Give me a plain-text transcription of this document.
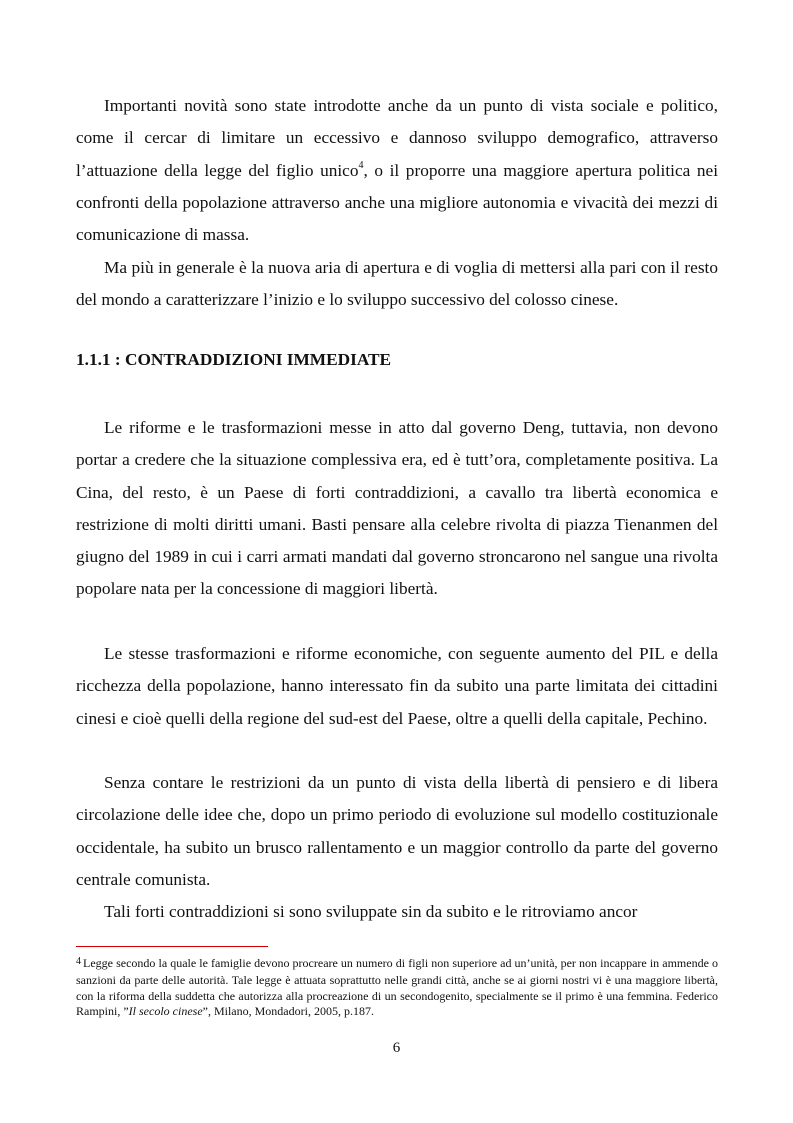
Importanti novità sono state introdotte anche da un punto di vista sociale e politico, come il cercar di limitare un eccessivo e dannoso sviluppo demografico, attraverso l’attuazione della legge del figlio unico$^4$, o il proporre una maggiore apertura politica nei confronti della popolazione attraverso anche una migliore autonomia e vivacità dei mezzi di comunicazione di massa.

Ma più in generale è la nuova aria di apertura e di voglia di mettersi alla pari con il resto del mondo a caratterizzare l’inizio e lo sviluppo successivo del colosso cinese.

1.1.1 : CONTRADDIZIONI IMMEDIATE

Le riforme e le trasformazioni messe in atto dal governo Deng, tuttavia, non devono portar a credere che la situazione complessiva era, ed è tutt’ora, completamente positiva. La Cina, del resto, è un Paese di forti contraddizioni, a cavallo tra libertà economica e restrizione di molti diritti umani. Basti pensare alla celebre rivolta di piazza Tienanmen del giugno del 1989 in cui i carri armati mandati dal governo stroncarono nel sangue una rivolta popolare nata per la concessione di maggiori libertà.

Le stesse trasformazioni e riforme economiche, con seguente aumento del PIL e della ricchezza della popolazione, hanno interessato fin da subito una parte limitata dei cittadini cinesi e cioè quelli della regione del sud-est del Paese, oltre a quelli della capitale, Pechino.

Senza contare le restrizioni da un punto di vista della libertà di pensiero e di libera circolazione delle idee che, dopo un primo periodo di evoluzione sul modello costituzionale occidentale, ha subito un brusco rallentamento e un maggior controllo da parte del governo centrale comunista.

Tali forti contraddizioni si sono sviluppate sin da subito e le ritroviamo ancor

$^4$ Legge secondo la quale le famiglie devono procreare un numero di figli non superiore ad un’unità, per non incappare in ammende o sanzioni da parte delle autorità. Tale legge è attuata soprattutto nelle grandi città, anche se ai giorni nostri vi è una maggiore libertà, con la riforma della suddetta che autorizza alla procreazione di un secondogenito, specialmente se il primo è una femmina. Federico Rampini, ”Il secolo cinese”, Milano, Mondadori, 2005, p.187.

6
